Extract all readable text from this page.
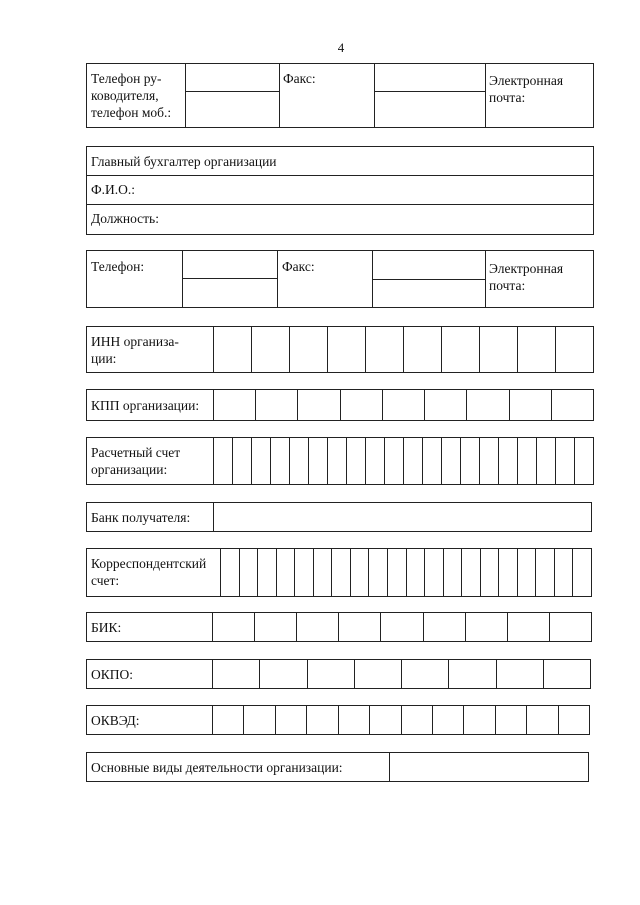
4
Телефон ру-
ководителя,
телефон моб.:
Факс:	Электронная
почта:
Главный бухгалтер организации
Ф.И.О.:
Должность:
Телефон:	Факс:	Электронная
почта:
ИНН организа-
ции:
КПП организации:
Расчетный счет
организации:
Банк получателя:
Корреспондентский
счет:
БИК:
ОКПО:
ОКВЭД:
Основные виды деятельности организации:
